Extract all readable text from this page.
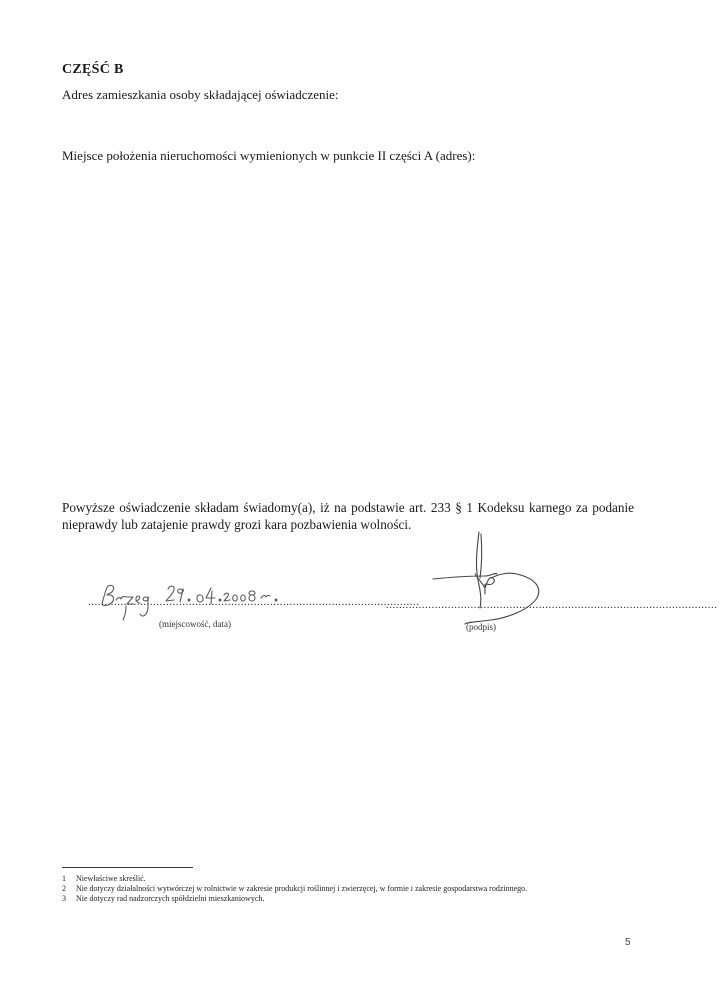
CZĘŚĆ B
Adres zamieszkania osoby składającej oświadczenie:
Miejsce położenia nieruchomości wymienionych w punkcie II części A (adres):
Powyższe oświadczenie składam świadomy(a), iż na podstawie art. 233 § 1 Kodeksu karnego za podanie nieprawdy lub zatajenie prawdy grozi kara pozbawienia wolności.
......................................................................................................
(miejscowość, data)
......................................................................................................
(podpis)
1	Niewłaściwe skreślić.
2	Nie dotyczy działalności wytwórczej w rolnictwie w zakresie produkcji roślinnej i zwierzęcej, w formie i zakresie gospodarstwa rodzinnego.
3	Nie dotyczy rad nadzorczych spółdzielni mieszkaniowych.
5
